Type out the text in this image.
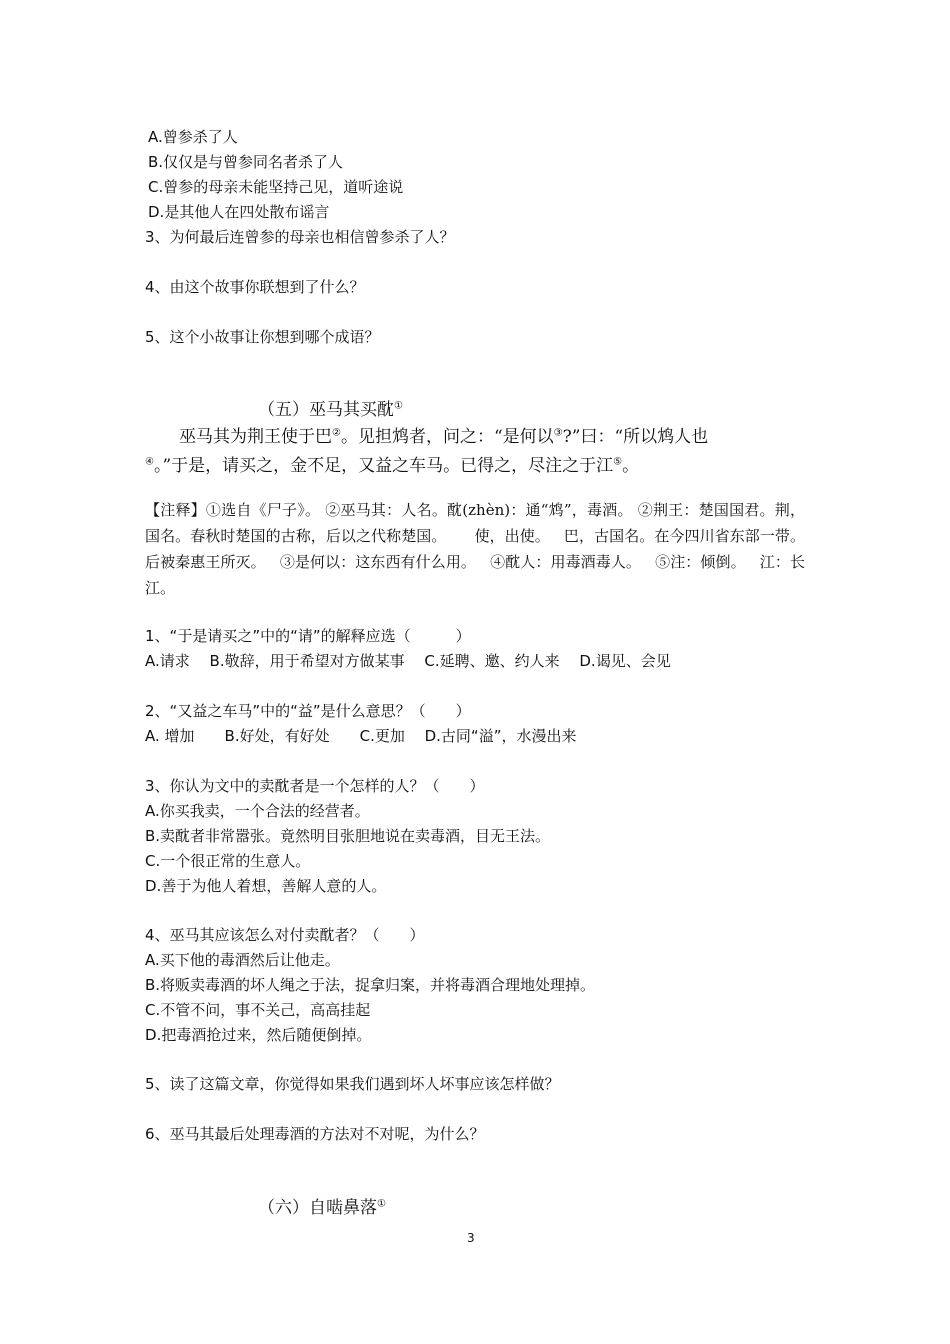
A.曾参杀了人
B.仅仅是与曾参同名者杀了人
C.曾参的母亲未能坚持己见，道听途说
D.是其他人在四处散布谣言
3、为何最后连曾参的母亲也相信曾参杀了人？
4、由这个故事你联想到了什么？
5、这个小故事让你想到哪个成语？
（五）巫马其买酖①

巫马其为荆王使于巴②。见担鸩者，问之：“是何以③?”曰：“所以鸩人也
④。”于是，请买之，金不足，又益之车马。已得之，尽注之于江⑤。

【注释】①选自《尸子》。 ②巫马其：人名。酖(zhèn)：通“鸩”，毒酒。 ②荆王：楚国国君。荆，国名。春秋时楚国的古称，后以之代称楚国。 使，出使。 巴，古国名。在今四川省东部一带。后被秦惠王所灭。 ③是何以：这东西有什么用。 ④酖人：用毒酒毒人。 ⑤注：倾倒。 江：长江。
1、“于是请买之”中的“请”的解释应选（　　　）
A.请求　 B.敬辞，用于希望对方做某事　 C.延聘、邀、约人来　 D.谒见、会见
2、“又益之车马”中的“益”是什么意思？（　　）
A. 增加　　B.好处，有好处　　C.更加　 D.古同“溢”，水漫出来
3、你认为文中的卖酖者是一个怎样的人？（　　）
A.你买我卖，一个合法的经营者。
B.卖酖者非常嚣张。竟然明目张胆地说在卖毒酒，目无王法。
C.一个很正常的生意人。
D.善于为他人着想，善解人意的人。
4、巫马其应该怎么对付卖酖者？（　　）
A.买下他的毒酒然后让他走。
B.将贩卖毒酒的坏人绳之于法，捉拿归案，并将毒酒合理地处理掉。
C.不管不问，事不关己，高高挂起
D.把毒酒抢过来，然后随便倒掉。
5、读了这篇文章，你觉得如果我们遇到坏人坏事应该怎样做？
6、巫马其最后处理毒酒的方法对不对呢，为什么？
（六）自啮鼻落①
3
